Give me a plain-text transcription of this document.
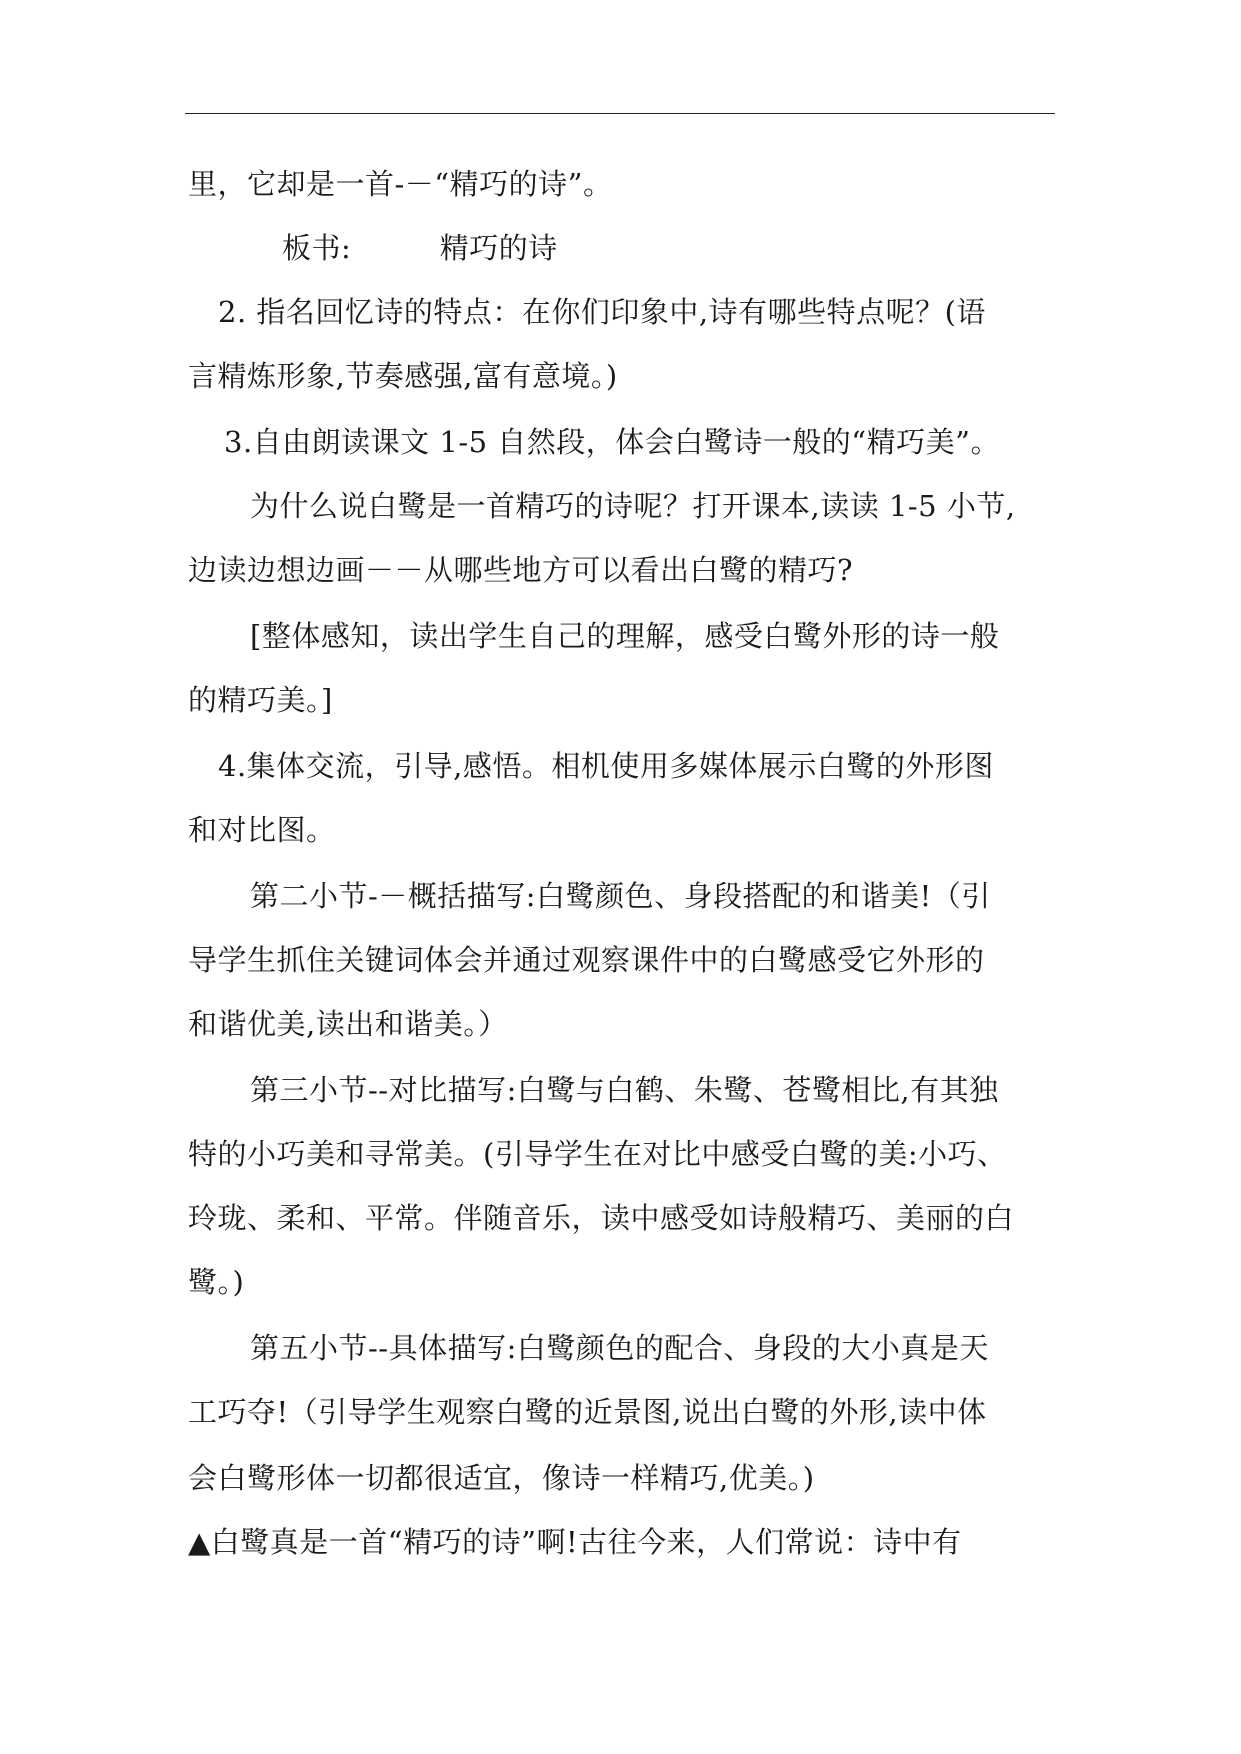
里，它却是一首-－“精巧的诗”。
板书:　　　精巧的诗
2. 指名回忆诗的特点：在你们印象中,诗有哪些特点呢？(语
言精炼形象,节奏感强,富有意境。)
3.自由朗读课文 1-5 自然段，体会白鹭诗一般的“精巧美”。
为什么说白鹭是一首精巧的诗呢？打开课本,读读 1-5 小节,
边读边想边画－－从哪些地方可以看出白鹭的精巧?
[整体感知，读出学生自己的理解，感受白鹭外形的诗一般
的精巧美。]
4.集体交流，引导,感悟。相机使用多媒体展示白鹭的外形图
和对比图。
第二小节-－概括描写:白鹭颜色、身段搭配的和谐美!（引
导学生抓住关键词体会并通过观察课件中的白鹭感受它外形的
和谐优美,读出和谐美。）
第三小节--对比描写:白鹭与白鹤、朱鹭、苍鹭相比,有其独
特的小巧美和寻常美。(引导学生在对比中感受白鹭的美:小巧、
玲珑、柔和、平常。伴随音乐，读中感受如诗般精巧、美丽的白
鹭。)
第五小节--具体描写:白鹭颜色的配合、身段的大小真是天
工巧夺!（引导学生观察白鹭的近景图,说出白鹭的外形,读中体
会白鹭形体一切都很适宜，像诗一样精巧,优美。)
▲白鹭真是一首“精巧的诗”啊!古往今来，人们常说：诗中有
